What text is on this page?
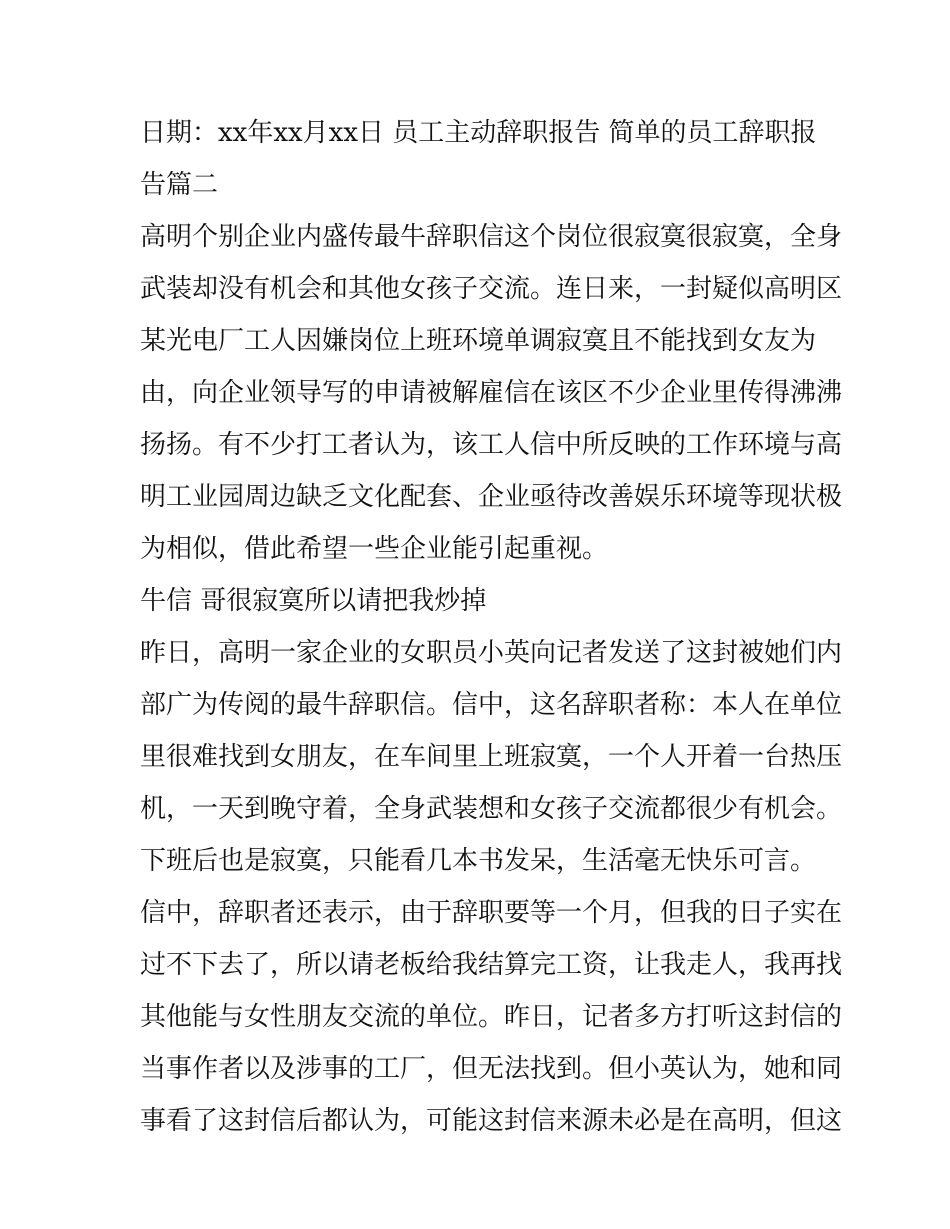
日期：xx年xx月xx日 员工主动辞职报告 简单的员工辞职报
告篇二
高明个别企业内盛传最牛辞职信这个岗位很寂寞很寂寞，全身
武装却没有机会和其他女孩子交流。连日来，一封疑似高明区
某光电厂工人因嫌岗位上班环境单调寂寞且不能找到女友为
由，向企业领导写的申请被解雇信在该区不少企业里传得沸沸
扬扬。有不少打工者认为，该工人信中所反映的工作环境与高
明工业园周边缺乏文化配套、企业亟待改善娱乐环境等现状极
为相似，借此希望一些企业能引起重视。
牛信 哥很寂寞所以请把我炒掉
昨日，高明一家企业的女职员小英向记者发送了这封被她们内
部广为传阅的最牛辞职信。信中，这名辞职者称：本人在单位
里很难找到女朋友，在车间里上班寂寞，一个人开着一台热压
机，一天到晚守着，全身武装想和女孩子交流都很少有机会。
下班后也是寂寞，只能看几本书发呆，生活毫无快乐可言。
信中，辞职者还表示，由于辞职要等一个月，但我的日子实在
过不下去了，所以请老板给我结算完工资，让我走人，我再找
其他能与女性朋友交流的单位。昨日，记者多方打听这封信的
当事作者以及涉事的工厂，但无法找到。但小英认为，她和同
事看了这封信后都认为，可能这封信来源未必是在高明，但这
